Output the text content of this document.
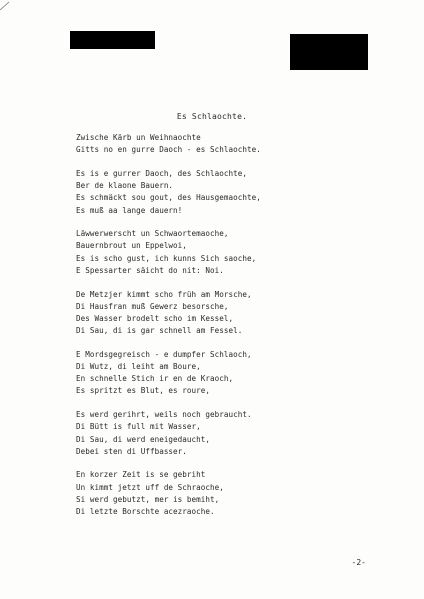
Es Schlaochte.
Zwische Kärb un Weihnaochte
Gitts no en gurre Daoch - es Schlaochte.
Es is e gurrer Daoch, des Schlaochte,
Ber de klaone Bauern.
Es schmäckt sou gout, des Hausgemaochte,
Es muß aa lange dauern!
Läwwerwerscht un Schwaortemaoche,
Bauernbrout un Eppelwoi,
Es is scho gust, ich kunns Sich saoche,
E Spessarter säicht do nit: Noi.
De Metzjer kimmt scho früh am Morsche,
Di Hausfran muß Gewerz besorsche,
Des Wasser brodelt scho im Kessel,
Di Sau, di is gar schnell am Fessel.
E Mordsgegreisch - e dumpfer Schlaoch,
Di Wutz, di leiht am Boure,
En schnelle Stich ir en de Kraoch,
Es spritzt es Blut, es roure,
Es werd gerihrt, weils noch gebraucht.
Di Bütt is full mit Wasser,
Di Sau, di werd eneigedaucht,
Debei sten di Uffbasser.
En korzer Zeit is se gebriht
Un kimmt jetzt uff de Schraoche,
Si werd gebutzt, mer is bemiht,
Di letzte Borschte acezraoche.
-2-
